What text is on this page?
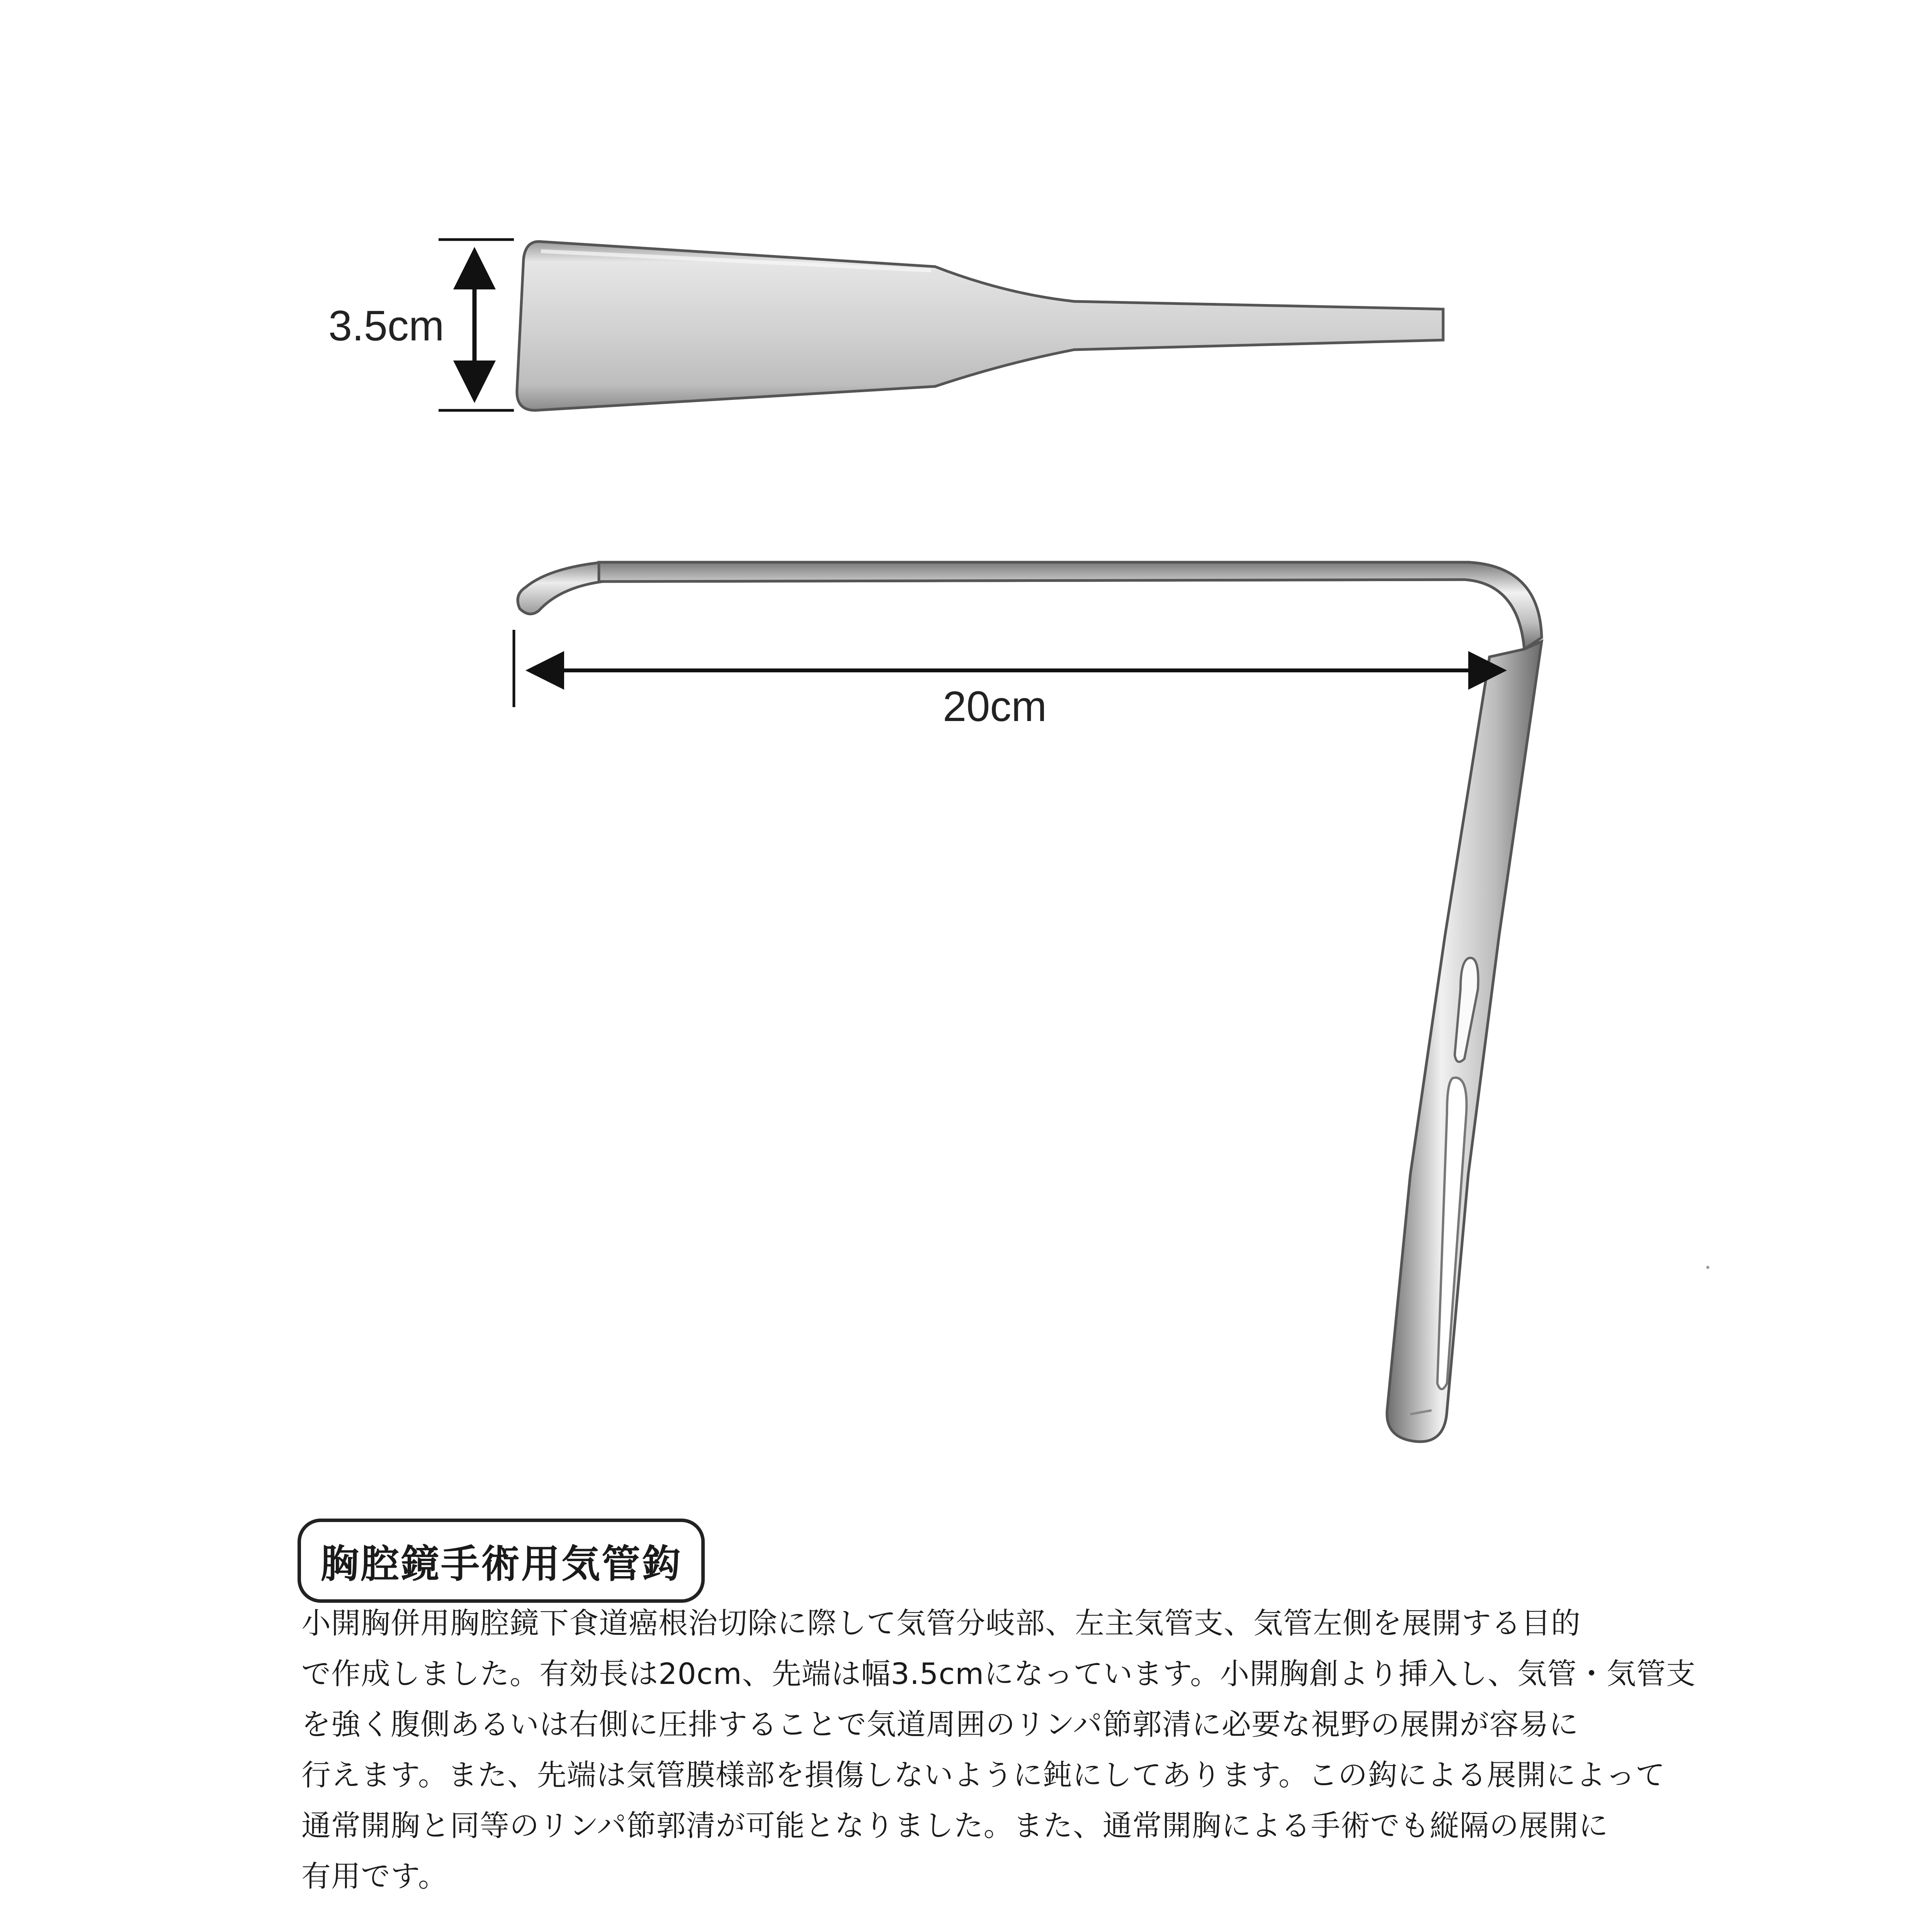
3.5cm
20cm
胸腔鏡手術用気管鈎
小開胸併用胸腔鏡下食道癌根治切除に際して気管分岐部、左主気管支、気管左側を展開する目的
で作成しました。有効長は20cm、先端は幅3.5cmになっています。小開胸創より挿入し、気管・気管支
を強く腹側あるいは右側に圧排することで気道周囲のリンパ節郭清に必要な視野の展開が容易に
行えます。また、先端は気管膜様部を損傷しないように鈍にしてあります。この鈎による展開によって
通常開胸と同等のリンパ節郭清が可能となりました。また、通常開胸による手術でも縦隔の展開に
有用です。
